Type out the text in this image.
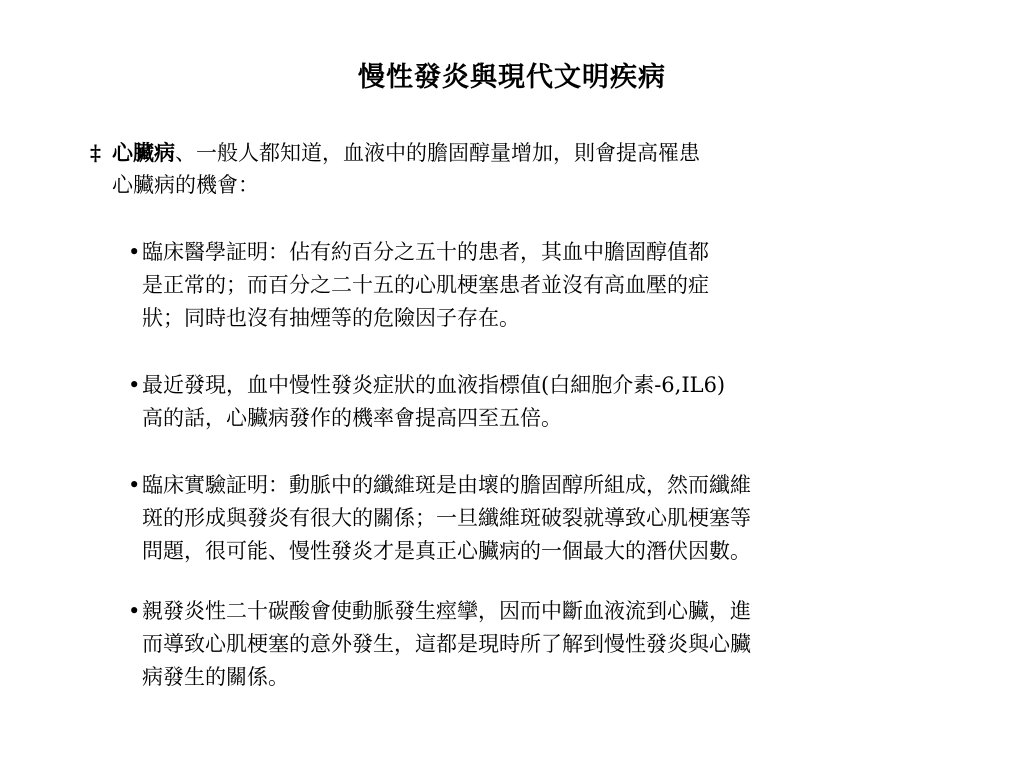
慢性發炎與現代文明疾病
‡ 心臟病、一般人都知道，血液中的膽固醇量增加，則會提高罹患
心臟病的機會：
•臨床醫學証明：佔有約百分之五十的患者，其血中膽固醇值都
是正常的；而百分之二十五的心肌梗塞患者並沒有高血壓的症
狀；同時也沒有抽煙等的危險因子存在。
•最近發現，血中慢性發炎症狀的血液指標值(白細胞介素-6,IL6)
高的話，心臟病發作的機率會提高四至五倍。
•臨床實驗証明：動脈中的纖維斑是由壞的膽固醇所組成，然而纖維
斑的形成與發炎有很大的關係；一旦纖維斑破裂就導致心肌梗塞等
問題，很可能、慢性發炎才是真正心臟病的一個最大的潛伏因數。
•親發炎性二十碳酸會使動脈發生痙攣，因而中斷血液流到心臟，進
而導致心肌梗塞的意外發生，這都是現時所了解到慢性發炎與心臟
病發生的關係。
